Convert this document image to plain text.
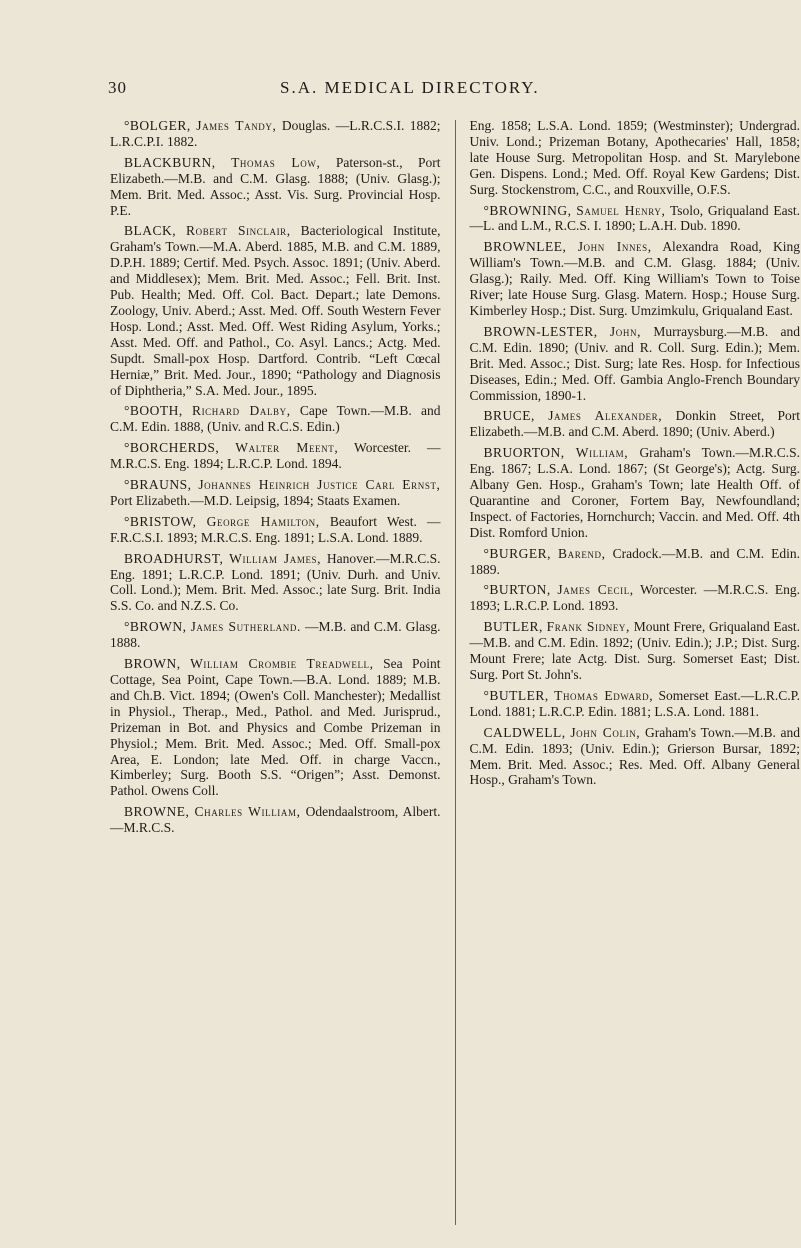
30	S.A. MEDICAL DIRECTORY.

°BOLGER, James Tandy, Douglas. —L.R.C.S.I. 1882; L.R.C.P.I. 1882.

BLACKBURN, Thomas Low, Paterson-st., Port Elizabeth.—M.B. and C.M. Glasg. 1888; (Univ. Glasg.); Mem. Brit. Med. Assoc.; Asst. Vis. Surg. Provincial Hosp. P.E.

BLACK, Robert Sinclair, Bacteriological Institute, Graham's Town.—M.A. Aberd. 1885, M.B. and C.M. 1889, D.P.H. 1889; Certif. Med. Psych. Assoc. 1891; (Univ. Aberd. and Middlesex); Mem. Brit. Med. Assoc.; Fell. Brit. Inst. Pub. Health; Med. Off. Col. Bact. Depart.; late Demons. Zoology, Univ. Aberd.; Asst. Med. Off. South Western Fever Hosp. Lond.; Asst. Med. Off. West Riding Asylum, Yorks.; Asst. Med. Off. and Pathol., Co. Asyl. Lancs.; Actg. Med. Supdt. Small-pox Hosp. Dartford. Contrib. “Left Cœcal Herniæ,” Brit. Med. Jour., 1890; “Pathology and Diagnosis of Diphtheria,” S.A. Med. Jour., 1895.

°BOOTH, Richard Dalby, Cape Town.—M.B. and C.M. Edin. 1888, (Univ. and R.C.S. Edin.)

°BORCHERDS, Walter Meent, Worcester. — M.R.C.S. Eng. 1894; L.R.C.P. Lond. 1894.

°BRAUNS, Johannes Heinrich Justice Carl Ernst, Port Elizabeth.—M.D. Leipsig, 1894; Staats Examen.

°BRISTOW, George Hamilton, Beaufort West. — F.R.C.S.I. 1893; M.R.C.S. Eng. 1891; L.S.A. Lond. 1889.

BROADHURST, William James, Hanover.—M.R.C.S. Eng. 1891; L.R.C.P. Lond. 1891; (Univ. Durh. and Univ. Coll. Lond.); Mem. Brit. Med. Assoc.; late Surg. Brit. India S.S. Co. and N.Z.S. Co.

°BROWN, James Sutherland. —M.B. and C.M. Glasg. 1888.

BROWN, William Crombie Treadwell, Sea Point Cottage, Sea Point, Cape Town.—B.A. Lond. 1889; M.B. and Ch.B. Vict. 1894; (Owen's Coll. Manchester); Medallist in Physiol., Therap., Med., Pathol. and Med. Jurisprud., Prizeman in Bot. and Physics and Combe Prizeman in Physiol.; Mem. Brit. Med. Assoc.; Med. Off. Small-pox Area, E. London; late Med. Off. in charge Vaccn., Kimberley; Surg. Booth S.S. “Origen”; Asst. Demonst. Pathol. Owens Coll.

BROWNE, Charles William, Odendaalstroom, Albert.—M.R.C.S.

Eng. 1858; L.S.A. Lond. 1859; (Westminster); Undergrad. Univ. Lond.; Prizeman Botany, Apothecaries' Hall, 1858; late House Surg. Metropolitan Hosp. and St. Marylebone Gen. Dispens. Lond.; Med. Off. Royal Kew Gardens; Dist. Surg. Stockenstrom, C.C., and Rouxville, O.F.S.

°BROWNING, Samuel Henry, Tsolo, Griqualand East.—L. and L.M., R.C.S. I. 1890; L.A.H. Dub. 1890.

BROWNLEE, John Innes, Alexandra Road, King William's Town.—M.B. and C.M. Glasg. 1884; (Univ. Glasg.); Raily. Med. Off. King William's Town to Toise River; late House Surg. Glasg. Matern. Hosp.; House Surg. Kimberley Hosp.; Dist. Surg. Umzimkulu, Griqualand East.

BROWN-LESTER, John, Murraysburg.—M.B. and C.M. Edin. 1890; (Univ. and R. Coll. Surg. Edin.); Mem. Brit. Med. Assoc.; Dist. Surg; late Res. Hosp. for Infectious Diseases, Edin.; Med. Off. Gambia Anglo-French Boundary Commission, 1890-1.

BRUCE, James Alexander, Donkin Street, Port Elizabeth.—M.B. and C.M. Aberd. 1890; (Univ. Aberd.)

BRUORTON, William, Graham's Town.—M.R.C.S. Eng. 1867; L.S.A. Lond. 1867; (St George's); Actg. Surg. Albany Gen. Hosp., Graham's Town; late Health Off. of Quarantine and Coroner, Fortem Bay, Newfoundland; Inspect. of Factories, Hornchurch; Vaccin. and Med. Off. 4th Dist. Romford Union.

°BURGER, Barend, Cradock.—M.B. and C.M. Edin. 1889.

°BURTON, James Cecil, Worcester. —M.R.C.S. Eng. 1893; L.R.C.P. Lond. 1893.

BUTLER, Frank Sidney, Mount Frere, Griqualand East.—M.B. and C.M. Edin. 1892; (Univ. Edin.); J.P.; Dist. Surg. Mount Frere; late Actg. Dist. Surg. Somerset East; Dist. Surg. Port St. John's.

°BUTLER, Thomas Edward, Somerset East.—L.R.C.P. Lond. 1881; L.R.C.P. Edin. 1881; L.S.A. Lond. 1881.

CALDWELL, John Colin, Graham's Town.—M.B. and C.M. Edin. 1893; (Univ. Edin.); Grierson Bursar, 1892; Mem. Brit. Med. Assoc.; Res. Med. Off. Albany General Hosp., Graham's Town.
